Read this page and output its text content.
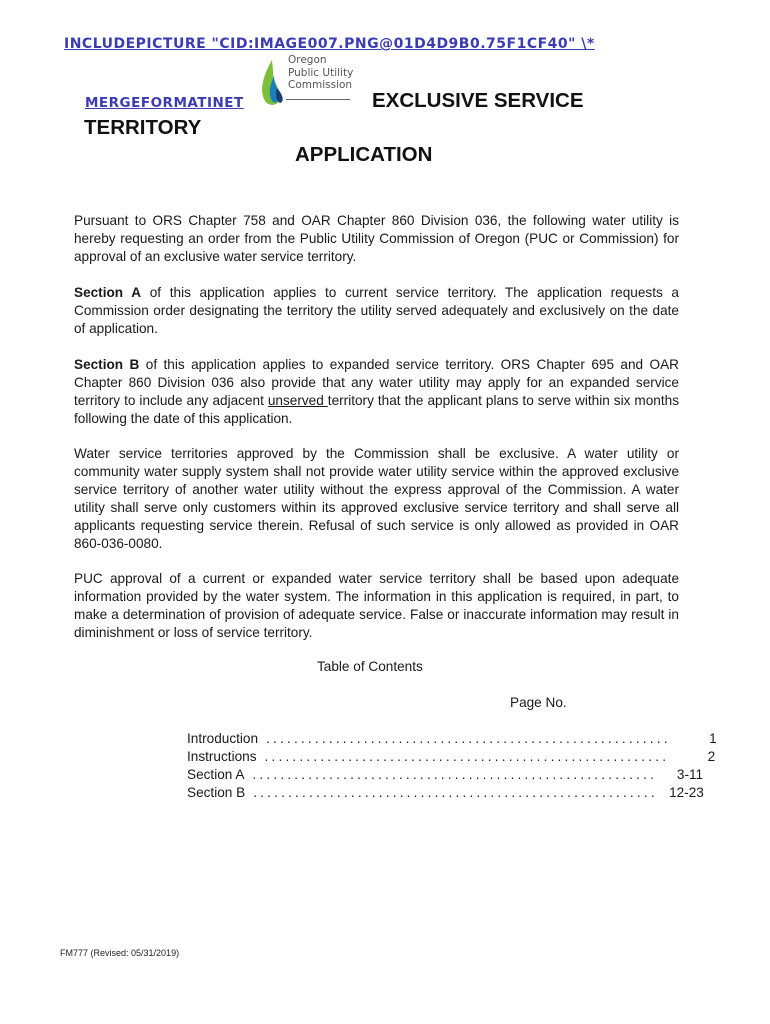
INCLUDEPICTURE "CID:IMAGE007.PNG@01D4D9B0.75F1CF40" \*
Oregon
Public Utility
Commission
MERGEFORMATINET	EXCLUSIVE SERVICE
TERRITORY
APPLICATION

Pursuant to ORS Chapter 758 and OAR Chapter 860 Division 036, the following water utility is hereby requesting an order from the Public Utility Commission of Oregon (PUC or Commission) for approval of an exclusive water service territory.

Section A of this application applies to current service territory. The application requests a Commission order designating the territory the utility served adequately and exclusively on the date of application.

Section B of this application applies to expanded service territory. ORS Chapter 695 and OAR Chapter 860 Division 036 also provide that any water utility may apply for an expanded service territory to include any adjacent unserved territory that the applicant plans to serve within six months following the date of this application.

Water service territories approved by the Commission shall be exclusive. A water utility or community water supply system shall not provide water utility service within the approved exclusive service territory of another water utility without the express approval of the Commission. A water utility shall serve only customers within its approved exclusive service territory and shall serve all applicants requesting service therein. Refusal of such service is only allowed as provided in OAR 860-036-0080.

PUC approval of a current or expanded water service territory shall be based upon adequate information provided by the water system. The information in this application is required, in part, to make a determination of provision of adequate service. False or inaccurate information may result in diminishment or loss of service territory.

Table of Contents
Page No.
Introduction ..........................................................	1
Instructions ..........................................................	2
Section A ..........................................................	3-11
Section B .......................................................... 12-23
FM777 (Revised: 05/31/2019)
